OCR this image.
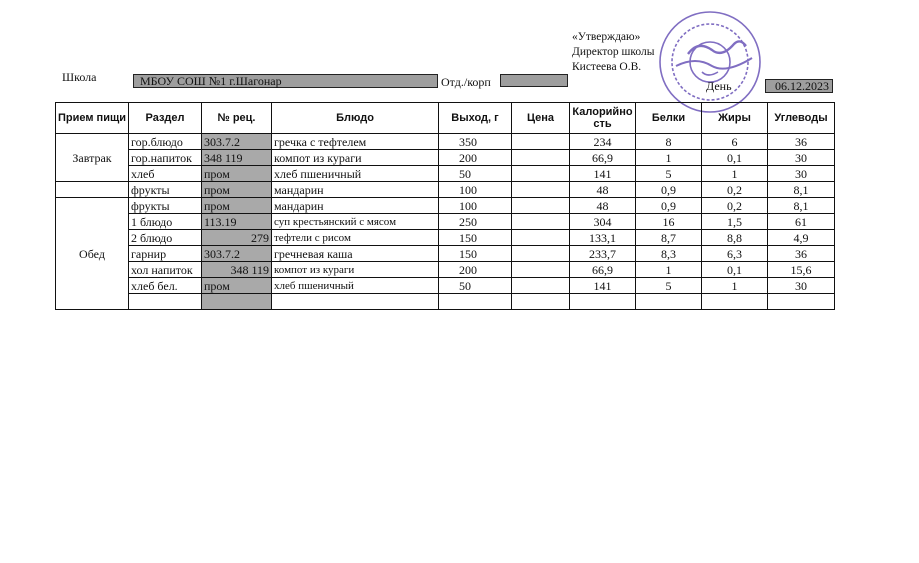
«Утверждаю»
Директор школы
Кистеева О.В.
Школа	МБОУ СОШ №1 г.Шагонар	Отд./корп	День	06.12.2023
Прием пищи	Раздел	№ рец.	Блюдо	Выход, г	Цена	Калорийность	Белки	Жиры	Углеводы
Завтрак	гор.блюдо	303.7.2	гречка с тефтелем	350		234	8	6	36
	гор.напиток	348 119	компот из кураги	200		66,9	1	0,1	30
	хлеб	пром	хлеб пшеничный	50		141	5	1	30
	фрукты	пром	мандарин	100		48	0,9	0,2	8,1
Обед	фрукты	пром	мандарин	100		48	0,9	0,2	8,1
	1 блюдо	113.19	суп крестьянский с мясом	250		304	16	1,5	61
	2 блюдо	279	тефтели с рисом	150		133,1	8,7	8,8	4,9
	гарнир	303.7.2	гречневая каша	150		233,7	8,3	6,3	36
	хол напиток	348 119	компот из кураги	200		66,9	1	0,1	15,6
	хлеб бел.	пром	хлеб пшеничный	50		141	5	1	30
